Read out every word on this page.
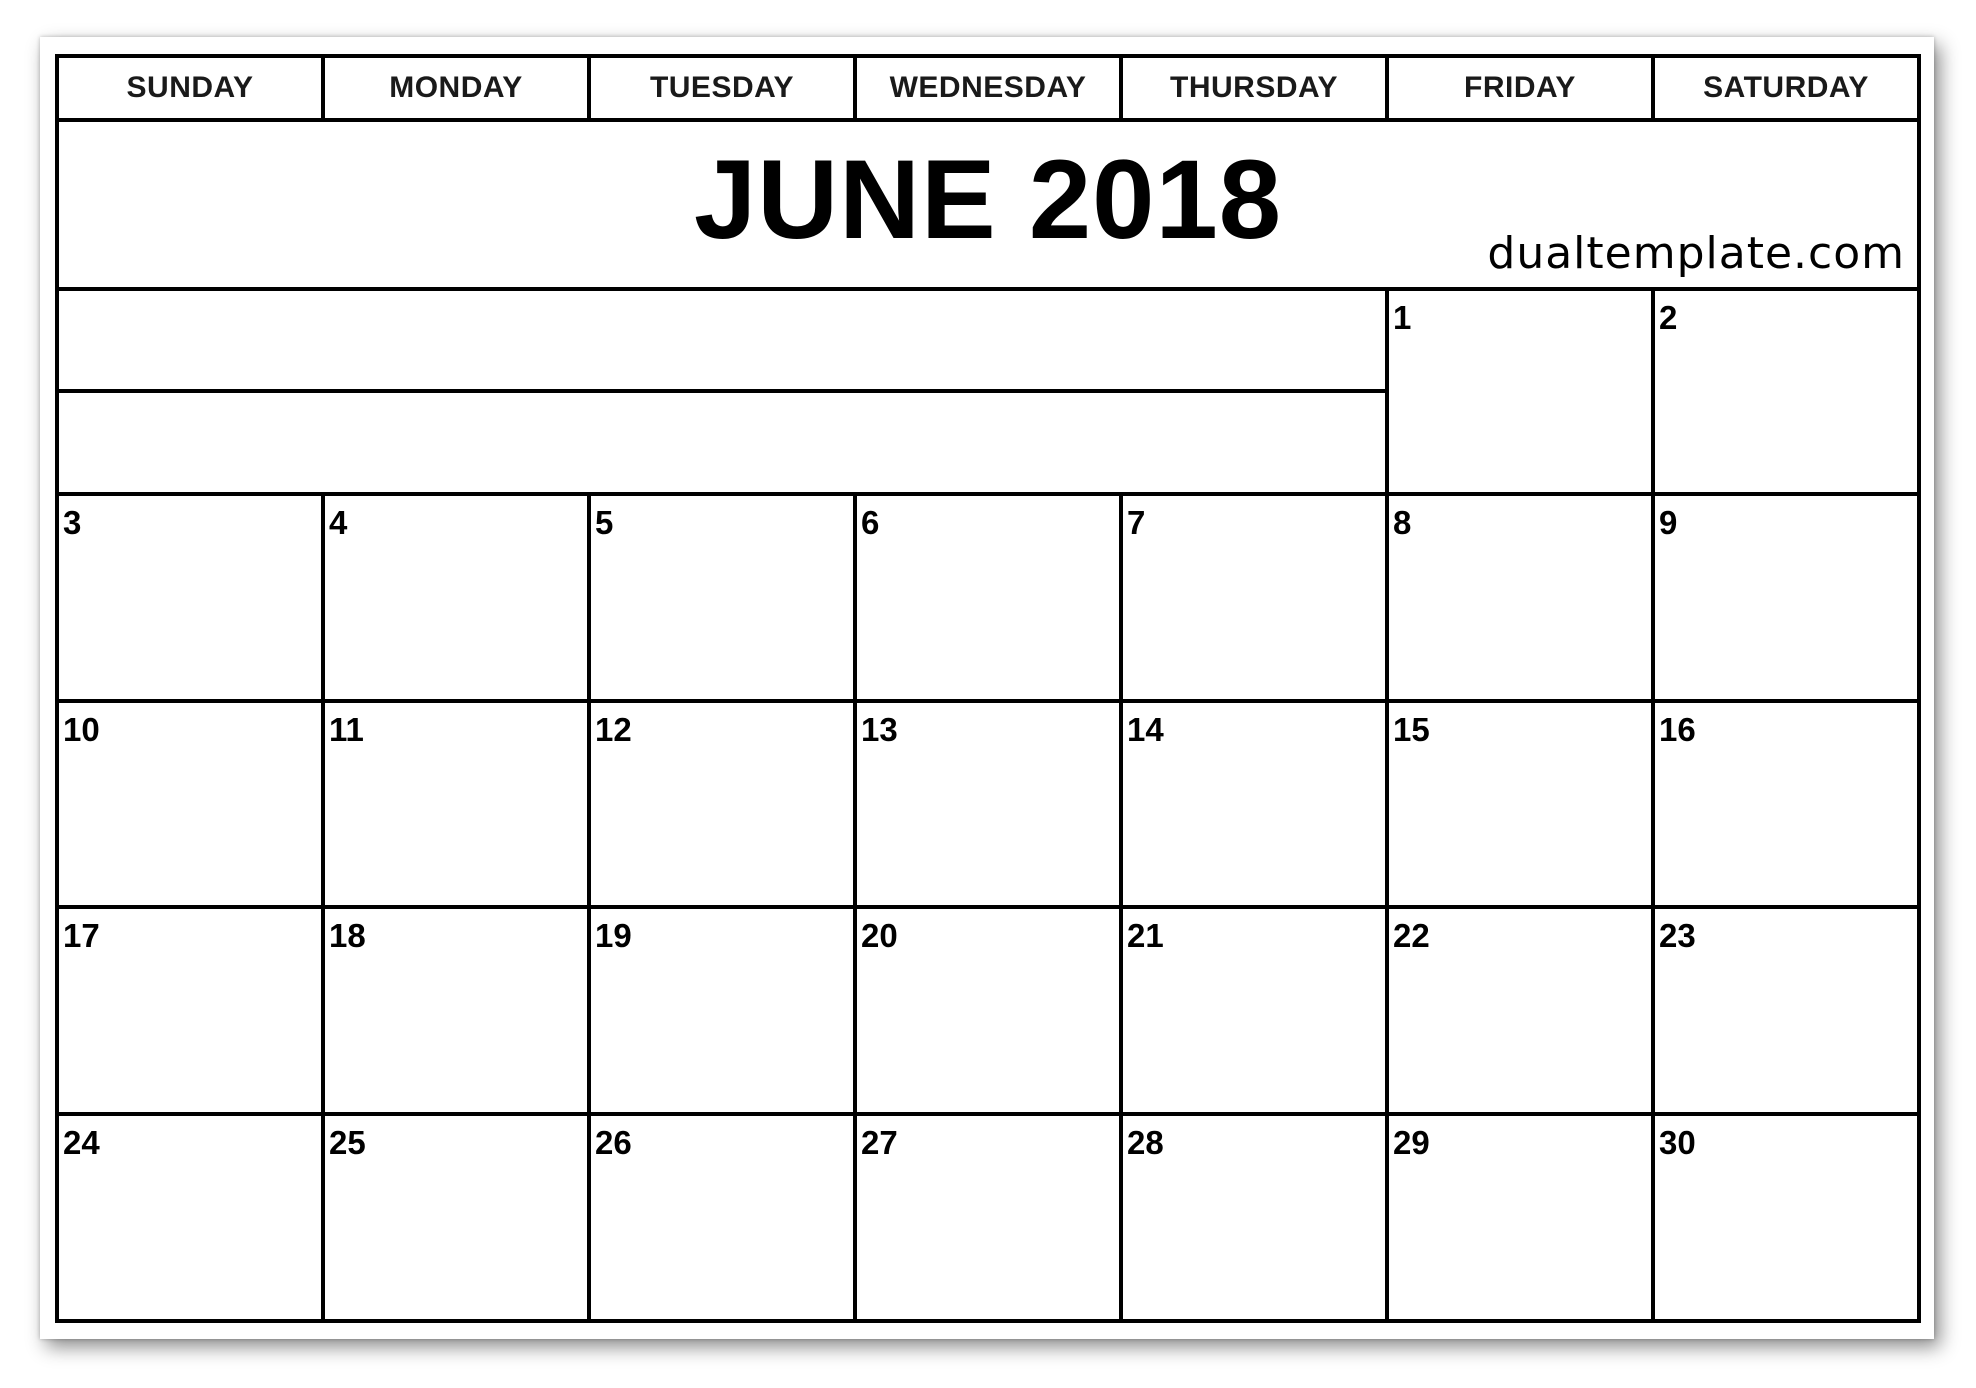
SUNDAY	MONDAY	TUESDAY	WEDNESDAY	THURSDAY	FRIDAY	SATURDAY

JUNE 2018 dualtemplate.com						

					1	2

3	4	5	6	7	8	9

10	11	12	13	14	15	16

17	18	19	20	21	22	23

24	25	26	27	28	29	30
